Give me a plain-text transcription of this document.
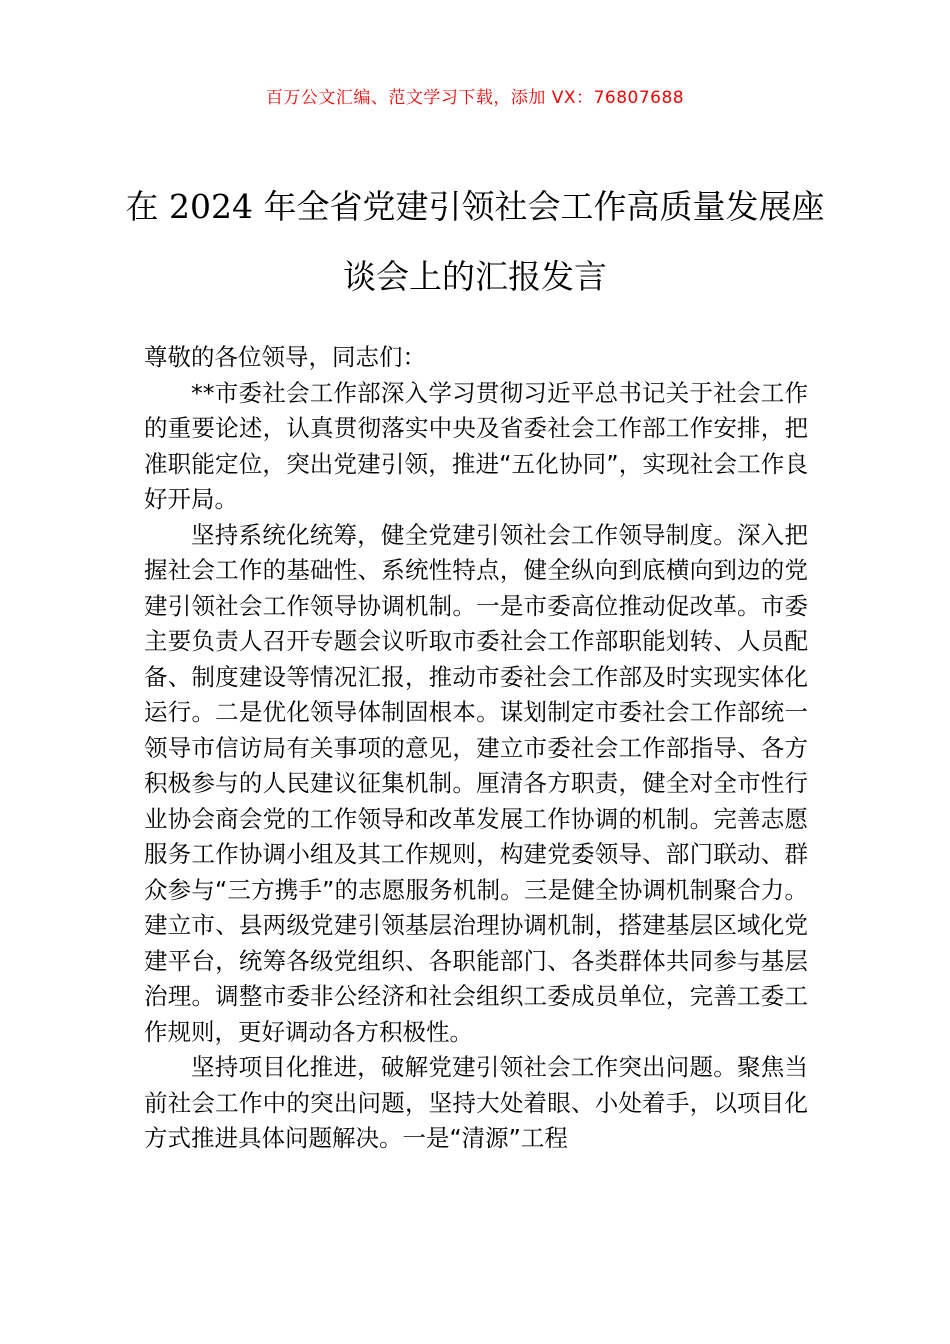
百万公文汇编、范文学习下载，添加 VX：76807688
在 2024 年全省党建引领社会工作高质量发展座谈会上的汇报发言

尊敬的各位领导，同志们：

**市委社会工作部深入学习贯彻习近平总书记关于社会工作的重要论述，认真贯彻落实中央及省委社会工作部工作安排，把准职能定位，突出党建引领，推进“五化协同”，实现社会工作良好开局。

坚持系统化统筹，健全党建引领社会工作领导制度。深入把握社会工作的基础性、系统性特点，健全纵向到底横向到边的党建引领社会工作领导协调机制。一是市委高位推动促改革。市委主要负责人召开专题会议听取市委社会工作部职能划转、人员配备、制度建设等情况汇报，推动市委社会工作部及时实现实体化运行。二是优化领导体制固根本。谋划制定市委社会工作部统一领导市信访局有关事项的意见，建立市委社会工作部指导、各方积极参与的人民建议征集机制。厘清各方职责，健全对全市性行业协会商会党的工作领导和改革发展工作协调的机制。完善志愿服务工作协调小组及其工作规则，构建党委领导、部门联动、群众参与“三方携手”的志愿服务机制。三是健全协调机制聚合力。建立市、县两级党建引领基层治理协调机制，搭建基层区域化党建平台，统筹各级党组织、各职能部门、各类群体共同参与基层治理。调整市委非公经济和社会组织工委成员单位，完善工委工作规则，更好调动各方积极性。

坚持项目化推进，破解党建引领社会工作突出问题。聚焦当前社会工作中的突出问题，坚持大处着眼、小处着手，以项目化方式推进具体问题解决。一是“清源”工程
